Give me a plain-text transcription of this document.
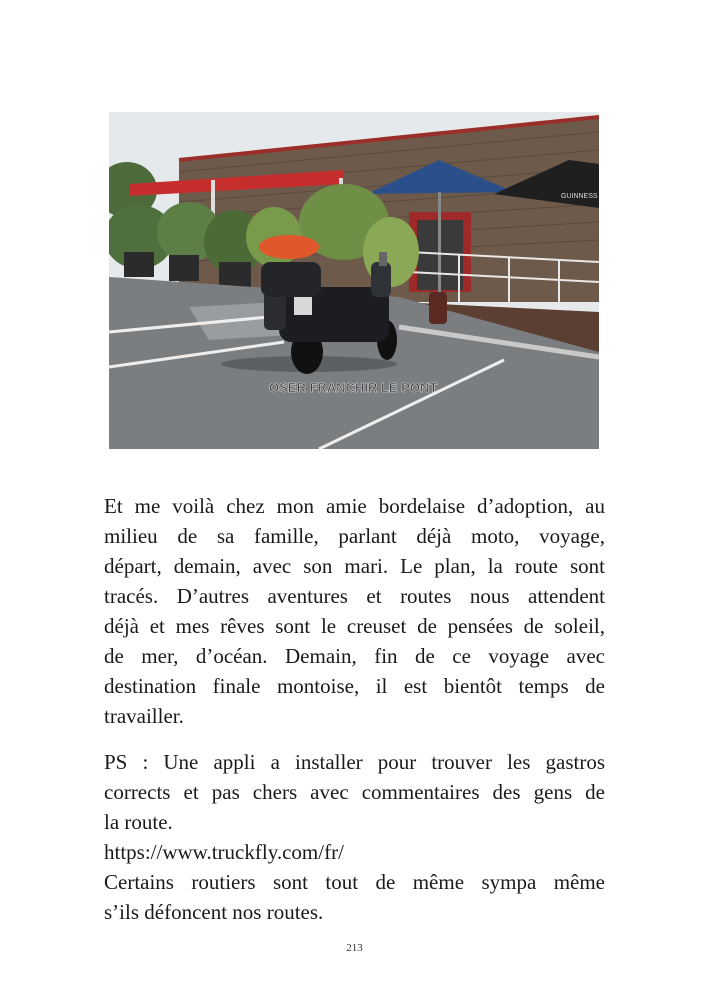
GUINNESS
OSER FRANCHIR LE PONT

Et me voilà chez mon amie bordelaise d’adoption, au
milieu de sa famille, parlant déjà moto, voyage,
départ, demain, avec son mari. Le plan, la route sont
tracés. D’autres aventures et routes nous attendent
déjà et mes rêves sont le creuset de pensées de soleil,
de mer, d’océan. Demain, fin de ce voyage avec
destination finale montoise, il est bientôt temps de
travailler.

PS : Une appli a installer pour trouver les gastros
corrects et pas chers avec commentaires des gens de
la route.
https://www.truckfly.com/fr/
Certains routiers sont tout de même sympa même
s’ils défoncent nos routes.

213
